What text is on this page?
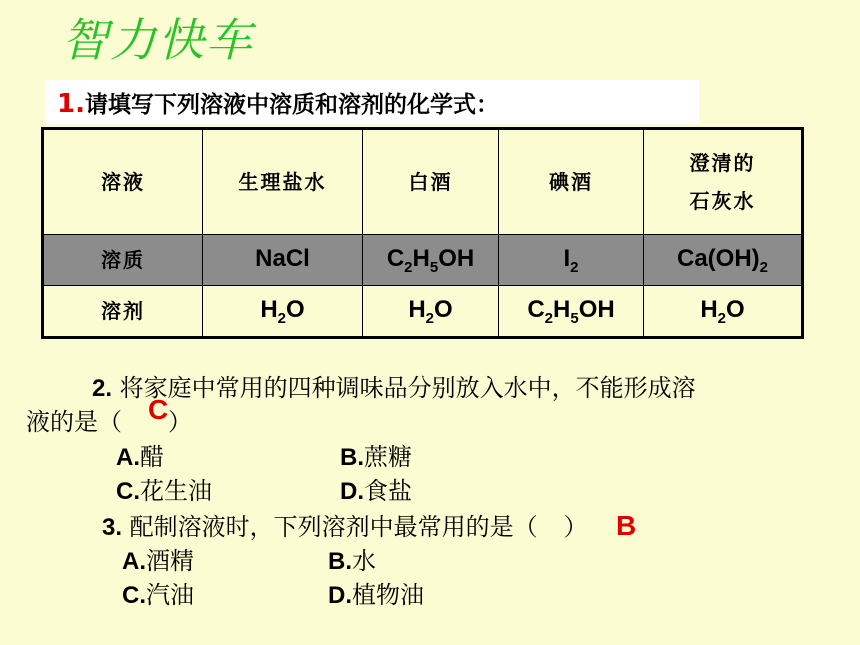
智力快车
1.请填写下列溶液中溶质和溶剂的化学式：
溶液	生理盐水	白酒	碘酒	澄清的
石灰水
溶质	NaCl	$C_2H_5OH$	$I_2$	$Ca(OH)_2$
溶剂	$H_2O$	$H_2O$	$C_2H_5OH$	$H_2O$
2. 将家庭中常用的四种调味品分别放入水中，不能形成溶
液的是（ ）
C
A.醋	B.蔗糖
C.花生油	D.食盐
3. 配制溶液时，下列溶剂中最常用的是（ ） B
A.酒精	B.水
C.汽油	D.植物油
